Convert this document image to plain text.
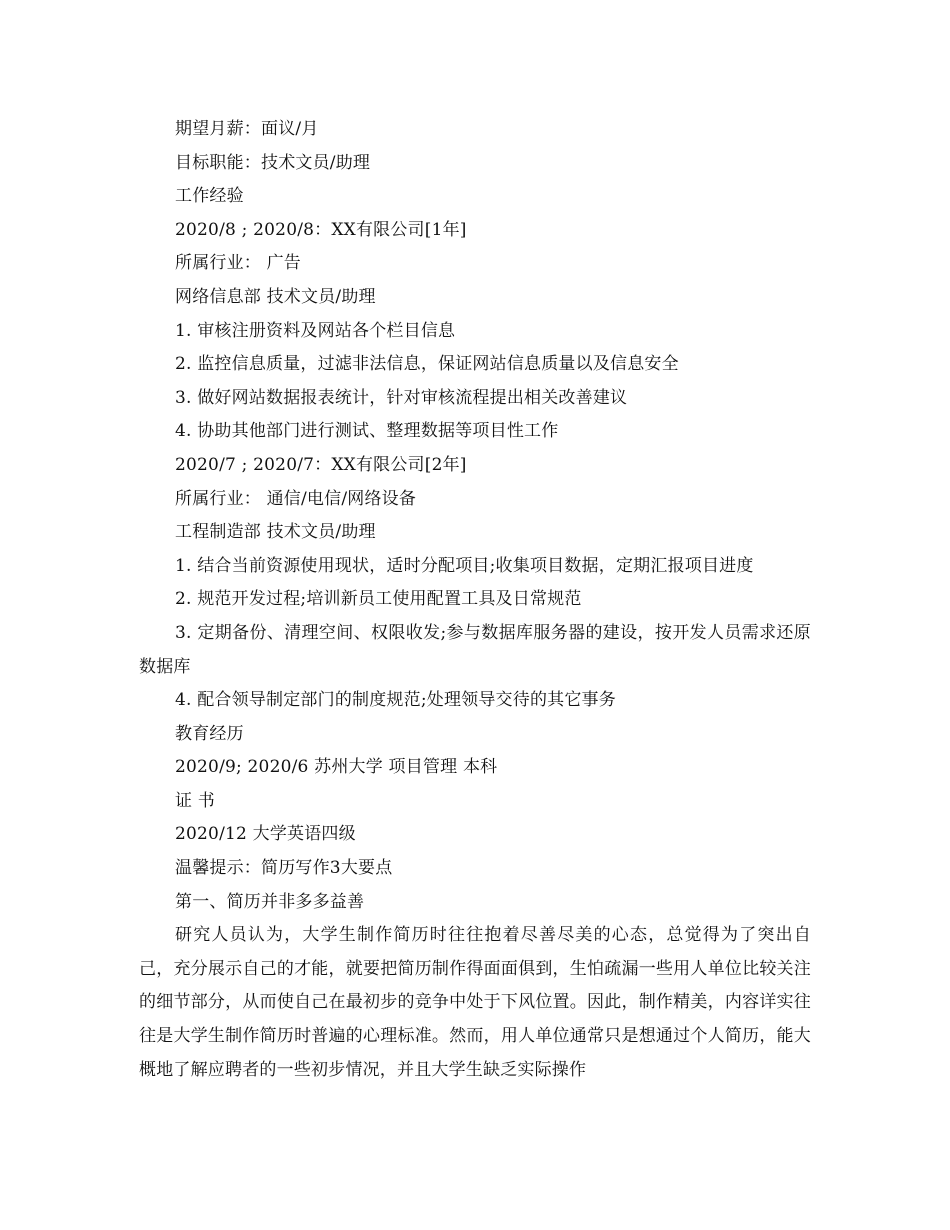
期望月薪：面议/月
目标职能：技术文员/助理
工作经验
2020/8 ; 2020/8：XX有限公司[1年]
所属行业： 广告
网络信息部 技术文员/助理
1. 审核注册资料及网站各个栏目信息
2. 监控信息质量，过滤非法信息，保证网站信息质量以及信息安全
3. 做好网站数据报表统计，针对审核流程提出相关改善建议
4. 协助其他部门进行测试、整理数据等项目性工作
2020/7 ; 2020/7：XX有限公司[2年]
所属行业： 通信/电信/网络设备
工程制造部 技术文员/助理
1. 结合当前资源使用现状，适时分配项目;收集项目数据，定期汇报项目进度
2. 规范开发过程;培训新员工使用配置工具及日常规范
3. 定期备份、清理空间、权限收发;参与数据库服务器的建设，按开发人员需求还原数据库
4. 配合领导制定部门的制度规范;处理领导交待的其它事务
教育经历
2020/9; 2020/6 苏州大学 项目管理 本科
证 书
2020/12 大学英语四级
温馨提示：简历写作3大要点
第一、简历并非多多益善
研究人员认为，大学生制作简历时往往抱着尽善尽美的心态，总觉得为了突出自己，充分展示自己的才能，就要把简历制作得面面俱到，生怕疏漏一些用人单位比较关注的细节部分，从而使自己在最初步的竞争中处于下风位置。因此，制作精美，内容详实往往是大学生制作简历时普遍的心理标准。然而，用人单位通常只是想通过个人简历，能大概地了解应聘者的一些初步情况，并且大学生缺乏实际操作
